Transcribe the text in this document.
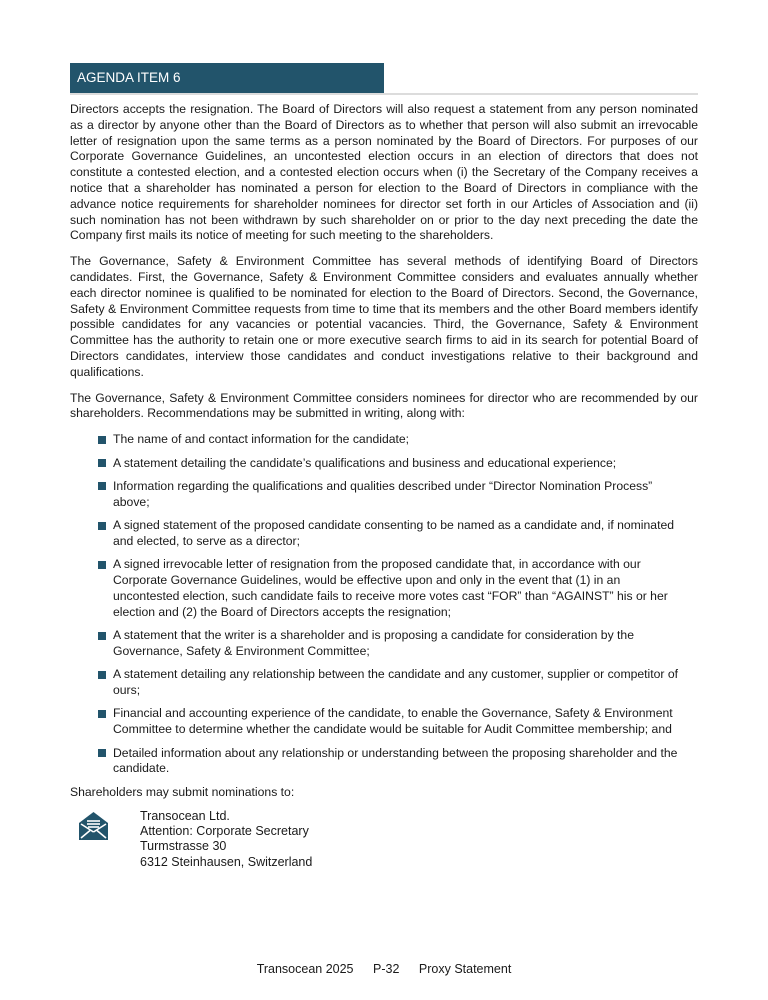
AGENDA ITEM 6

Directors accepts the resignation. The Board of Directors will also request a statement from any person nominated as a director by anyone other than the Board of Directors as to whether that person will also submit an irrevocable letter of resignation upon the same terms as a person nominated by the Board of Directors. For purposes of our Corporate Governance Guidelines, an uncontested election occurs in an election of directors that does not constitute a contested election, and a contested election occurs when (i) the Secretary of the Company receives a notice that a shareholder has nominated a person for election to the Board of Directors in compliance with the advance notice requirements for shareholder nominees for director set forth in our Articles of Association and (ii) such nomination has not been withdrawn by such shareholder on or prior to the day next preceding the date the Company first mails its notice of meeting for such meeting to the shareholders.

The Governance, Safety & Environment Committee has several methods of identifying Board of Directors candidates. First, the Governance, Safety & Environment Committee considers and evaluates annually whether each director nominee is qualified to be nominated for election to the Board of Directors. Second, the Governance, Safety & Environment Committee requests from time to time that its members and the other Board members identify possible candidates for any vacancies or potential vacancies. Third, the Governance, Safety & Environment Committee has the authority to retain one or more executive search firms to aid in its search for potential Board of Directors candidates, interview those candidates and conduct investigations relative to their background and qualifications.

The Governance, Safety & Environment Committee considers nominees for director who are recommended by our shareholders. Recommendations may be submitted in writing, along with:

The name of and contact information for the candidate;
A statement detailing the candidate’s qualifications and business and educational experience;
Information regarding the qualifications and qualities described under “Director Nomination Process” above;
A signed statement of the proposed candidate consenting to be named as a candidate and, if nominated and elected, to serve as a director;
A signed irrevocable letter of resignation from the proposed candidate that, in accordance with our Corporate Governance Guidelines, would be effective upon and only in the event that (1) in an uncontested election, such candidate fails to receive more votes cast “FOR” than “AGAINST” his or her election and (2) the Board of Directors accepts the resignation;
A statement that the writer is a shareholder and is proposing a candidate for consideration by the Governance, Safety & Environment Committee;
A statement detailing any relationship between the candidate and any customer, supplier or competitor of ours;
Financial and accounting experience of the candidate, to enable the Governance, Safety & Environment Committee to determine whether the candidate would be suitable for Audit Committee membership; and
Detailed information about any relationship or understanding between the proposing shareholder and the candidate.

Shareholders may submit nominations to:

Transocean Ltd.
Attention: Corporate Secretary
Turmstrasse 30
6312 Steinhausen, Switzerland
Transocean 2025 P-32 Proxy Statement
